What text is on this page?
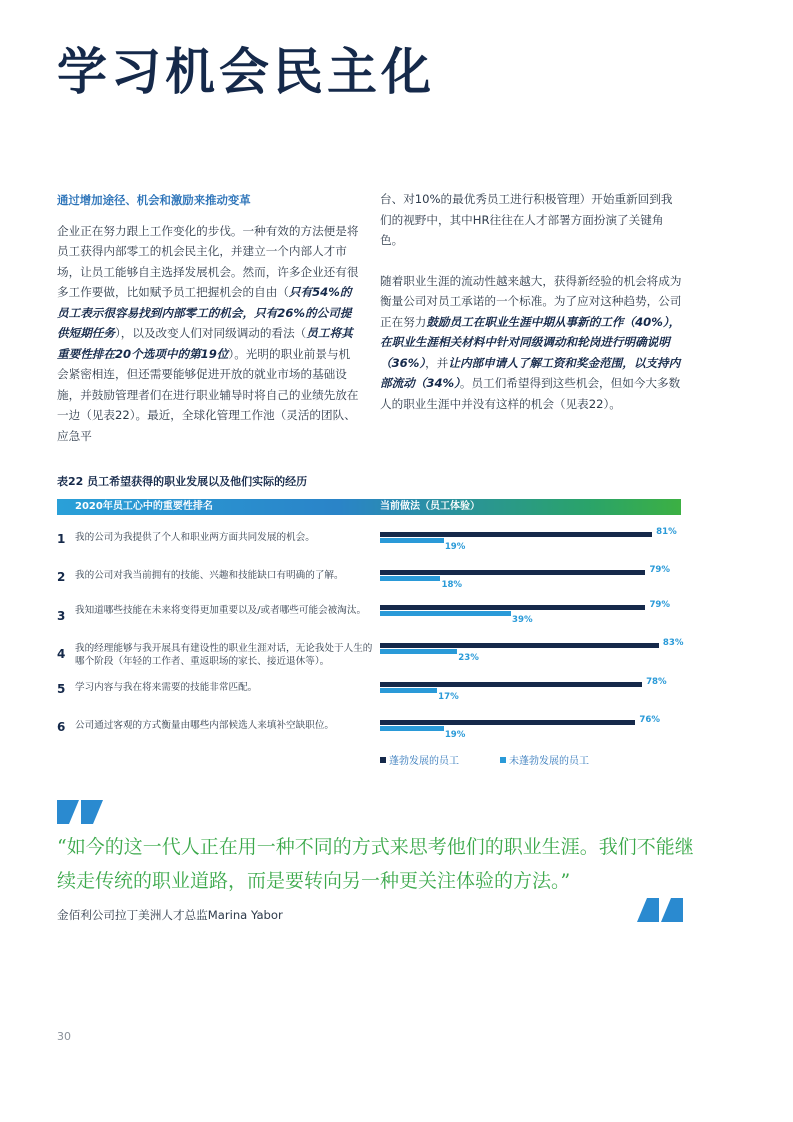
学习机会民主化

通过增加途径、机会和激励来推动变革

企业正在努力跟上工作变化的步伐。一种有效的方法便是将员工获得内部零工的机会民主化，并建立一个内部人才市场，让员工能够自主选择发展机会。然而，许多企业还有很多工作要做，比如赋予员工把握机会的自由（只有54%的员工表示很容易找到内部零工的机会，只有26%的公司提供短期任务），以及改变人们对同级调动的看法（员工将其重要性排在20个选项中的第19位）。光明的职业前景与机会紧密相连，但还需要能够促进开放的就业市场的基础设施，并鼓励管理者们在进行职业辅导时将自己的业绩先放在一边（见表22）。最近，全球化管理工作池（灵活的团队、应急平

台、对10%的最优秀员工进行积极管理）开始重新回到我们的视野中，其中HR往往在人才部署方面扮演了关键角色。

随着职业生涯的流动性越来越大，获得新经验的机会将成为衡量公司对员工承诺的一个标准。为了应对这种趋势，公司正在努力鼓励员工在职业生涯中期从事新的工作（40%），在职业生涯相关材料中针对同级调动和轮岗进行明确说明（36%），并让内部申请人了解工资和奖金范围，以支持内部流动（34%）。员工们希望得到这些机会，但如今大多数人的职业生涯中并没有这样的机会（见表22）。

表22 员工希望获得的职业发展以及他们实际的经历
2020年员工心中的重要性排名	当前做法（员工体验）
1 我的公司为我提供了个人和职业两方面共同发展的机会。
2 我的公司对我当前拥有的技能、兴趣和技能缺口有明确的了解。
3 我知道哪些技能在未来将变得更加重要以及/或者哪些可能会被淘汰。
4 我的经理能够与我开展具有建设性的职业生涯对话，无论我处于人生的哪个阶段（年轻的工作者、重返职场的家长、接近退休等）。
5 学习内容与我在将来需要的技能非常匹配。
6 公司通过客观的方式衡量由哪些内部候选人来填补空缺职位。
蓬勃发展的员工	未蓬勃发展的员工

“如今的这一代人正在用一种不同的方式来思考他们的职业生涯。我们不能继续走传统的职业道路，而是要转向另一种更关注体验的方法。”

金佰利公司拉丁美洲人才总监Marina Yabor
30
81%
19%
79%
18%
79%
39%
83%
23%
78%
17%
76%
19%
